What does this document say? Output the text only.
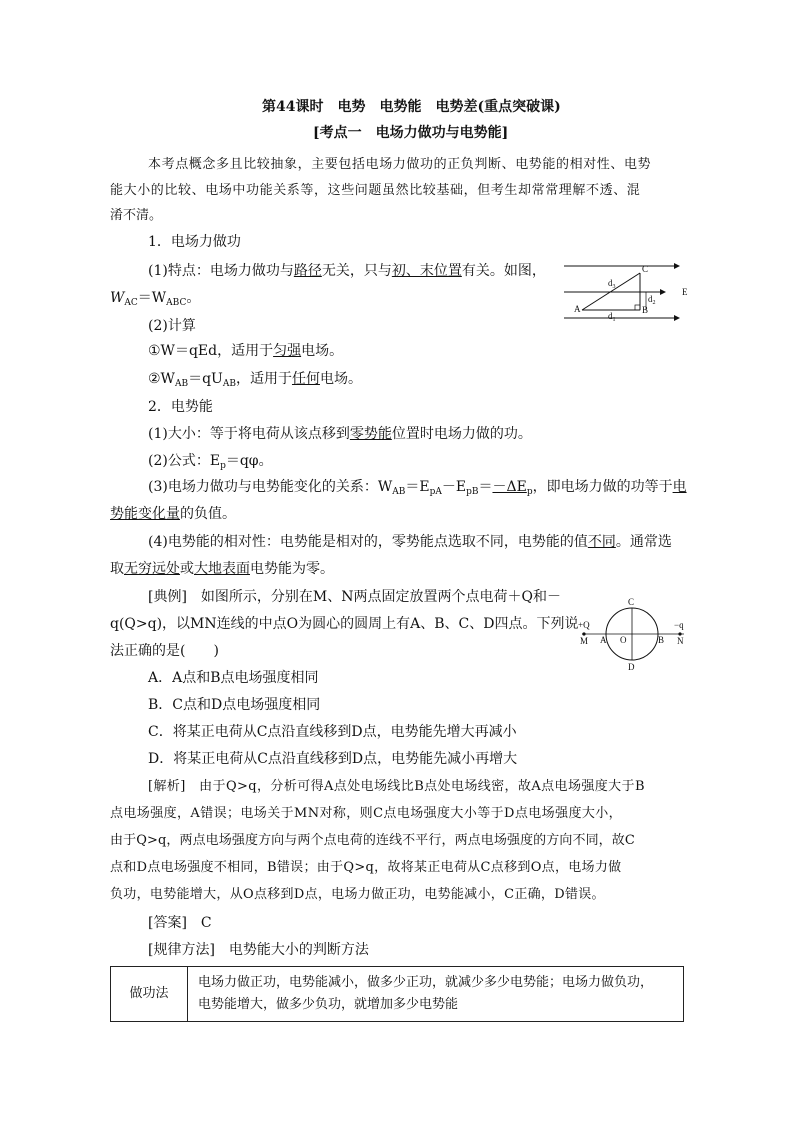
第44课时　电势　电势能　电势差(重点突破课)
[考点一　电场力做功与电势能]
本考点概念多且比较抽象，主要包括电场力做功的正负判断、电势能的相对性、电势
能大小的比较、电场中功能关系等，这些问题虽然比较基础，但考生却常常理解不透、混
淆不清。
1．电场力做功
(1)特点：电场力做功与路径无关，只与初、末位置有关。如图，
$W_{AC}=W_{ABC}$。
C
$d_3$
$d_2$
E
A	B
$d_1$
(2)计算
①W＝qEd，适用于匀强电场。
$②W_{AB}=qU_{AB}$，适用于任何电场。
2．电势能
(1)大小：等于将电荷从该点移到零势能位置时电场力做的功。
(2)公式：$E_p=q\varphi$。
(3)电场力做功与电势能变化的关系：$W_{AB}=E_{pA}-E_{pB}=-\Delta E_p$，即电场力做的功等于电
势能变化量的负值。
(4)电势能的相对性：电势能是相对的，零势能点选取不同，电势能的值不同。通常选
取无穷远处或大地表面电势能为零。
[典例]　如图所示，分别在M、N两点固定放置两个点电荷＋Q和－
q(Q>q)，以MN连线的中点O为圆心的圆周上有A、B、C、D四点。下列说
法正确的是(　　)
C
D
O
A	B
M	N
+Q	−q
A．A点和B点电场强度相同
B．C点和D点电场强度相同
C．将某正电荷从C点沿直线移到D点，电势能先增大再减小
D．将某正电荷从C点沿直线移到D点，电势能先减小再增大
[解析]　由于Q>q，分析可得A点处电场线比B点处电场线密，故A点电场强度大于B
点电场强度，A错误；电场关于MN对称，则C点电场强度大小等于D点电场强度大小，
由于Q>q，两点电场强度方向与两个点电荷的连线不平行，两点电场强度的方向不同，故C
点和D点电场强度不相同，B错误；由于Q>q，故将某正电荷从C点移到O点，电场力做
负功，电势能增大，从O点移到D点，电场力做正功，电势能减小，C正确，D错误。
[答案]　C
[规律方法]　电势能大小的判断方法
做功法	
电场力做正功，电势能减小，做多少正功，就减少多少电势能；电场力做负功，
电势能增大，做多少负功，就增加多少电势能
